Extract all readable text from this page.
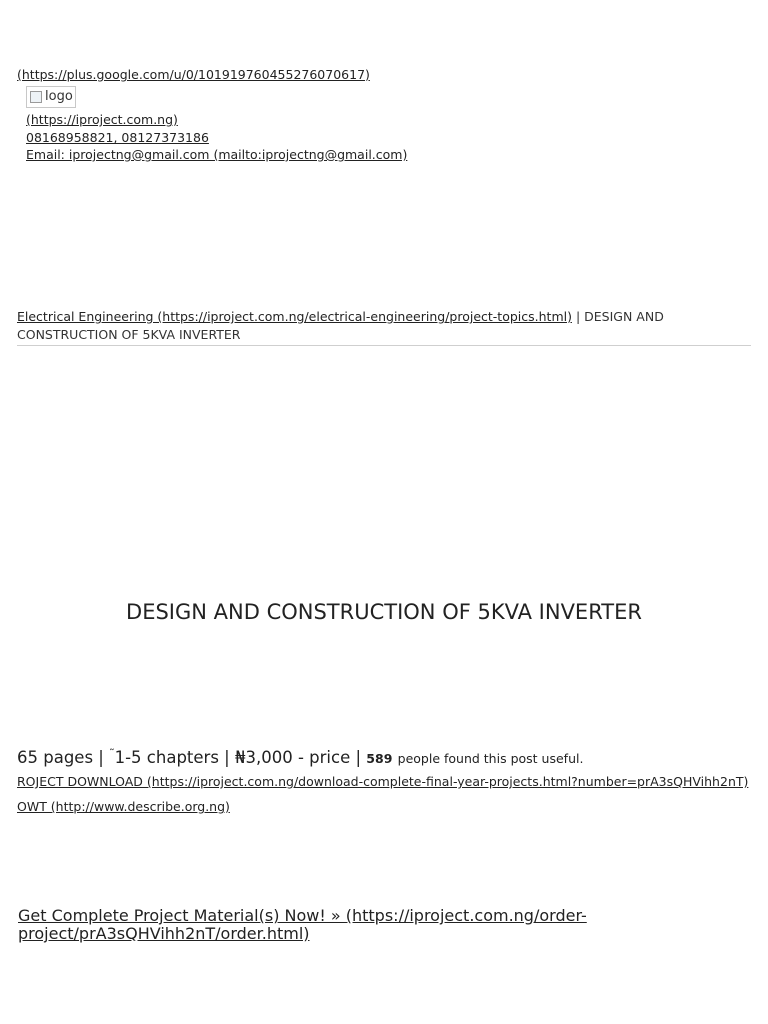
(https://plus.google.com/u/0/101919760455276070617)
logo
(https://iproject.com.ng)
08168958821, 08127373186
Email: iprojectng@gmail.com (mailto:iprojectng@gmail.com)
Electrical Engineering (https://iproject.com.ng/electrical-engineering/project-topics.html) | DESIGN AND CONSTRUCTION OF 5KVA INVERTER
DESIGN AND CONSTRUCTION OF 5KVA INVERTER
65 pages | ˜1-5 chapters | ₦3,000 - price | 589 people found this post useful.
ROJECT DOWNLOAD (https://iproject.com.ng/download-complete-final-year-projects.html?number=prA3sQHVihh2nT)
OWT (http://www.describe.org.ng)
Get Complete Project Material(s) Now! » (https://iproject.com.ng/order-project/prA3sQHVihh2nT/order.html)
